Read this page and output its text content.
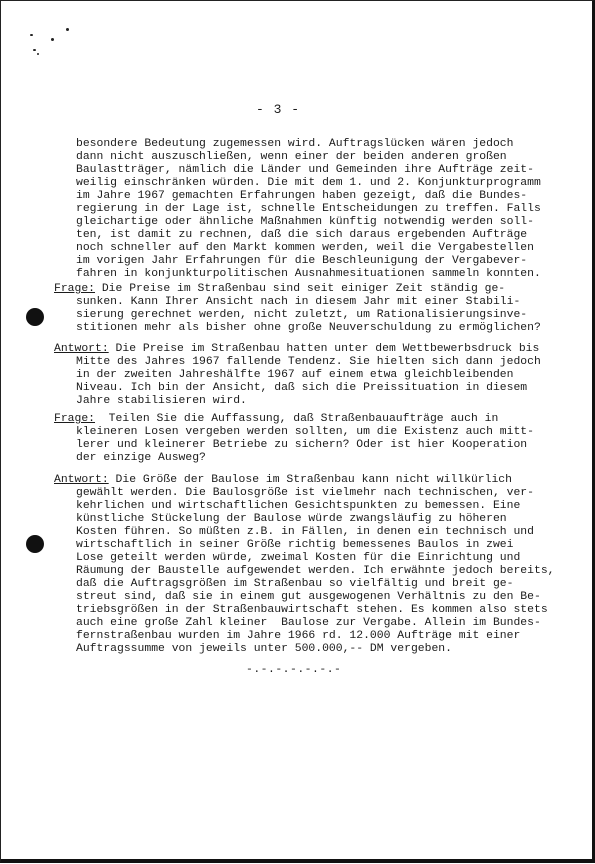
- 3 -
besondere Bedeutung zugemessen wird. Auftragslücken wären jedoch
dann nicht auszuschließen, wenn einer der beiden anderen großen
Baulastträger, nämlich die Länder und Gemeinden ihre Aufträge zeit-
weilig einschränken würden. Die mit dem 1. und 2. Konjunkturprogramm
im Jahre 1967 gemachten Erfahrungen haben gezeigt, daß die Bundes-
regierung in der Lage ist, schnelle Entscheidungen zu treffen. Falls
gleichartige oder ähnliche Maßnahmen künftig notwendig werden soll-
ten, ist damit zu rechnen, daß die sich daraus ergebenden Aufträge
noch schneller auf den Markt kommen werden, weil die Vergabestellen
im vorigen Jahr Erfahrungen für die Beschleunigung der Vergabever-
fahren in konjunkturpolitischen Ausnahmesituationen sammeln konnten.
Frage: Die Preise im Straßenbau sind seit einiger Zeit ständig ge-
sunken. Kann Ihrer Ansicht nach in diesem Jahr mit einer Stabili-
sierung gerechnet werden, nicht zuletzt, um Rationalisierungsinve-
stitionen mehr als bisher ohne große Neuverschuldung zu ermöglichen?
Antwort: Die Preise im Straßenbau hatten unter dem Wettbewerbsdruck bis
Mitte des Jahres 1967 fallende Tendenz. Sie hielten sich dann jedoch
in der zweiten Jahreshälfte 1967 auf einem etwa gleichbleibenden
Niveau. Ich bin der Ansicht, daß sich die Preissituation in diesem
Jahre stabilisieren wird.
Frage:  Teilen Sie die Auffassung, daß Straßenbauaufträge auch in
kleineren Losen vergeben werden sollten, um die Existenz auch mitt-
lerer und kleinerer Betriebe zu sichern? Oder ist hier Kooperation
der einzige Ausweg?
Antwort: Die Größe der Baulose im Straßenbau kann nicht willkürlich
gewählt werden. Die Baulosgröße ist vielmehr nach technischen, ver-
kehrlichen und wirtschaftlichen Gesichtspunkten zu bemessen. Eine
künstliche Stückelung der Baulose würde zwangsläufig zu höheren
Kosten führen. So müßten z.B. in Fällen, in denen ein technisch und
wirtschaftlich in seiner Größe richtig bemessenes Baulos in zwei
Lose geteilt werden würde, zweimal Kosten für die Einrichtung und
Räumung der Baustelle aufgewendet werden. Ich erwähnte jedoch bereits,
daß die Auftragsgrößen im Straßenbau so vielfältig und breit ge-
streut sind, daß sie in einem gut ausgewogenen Verhältnis zu den Be-
triebsgrößen in der Straßenbauwirtschaft stehen. Es kommen also stets
auch eine große Zahl kleiner  Baulose zur Vergabe. Allein im Bundes-
fernstraßenbau wurden im Jahre 1966 rd. 12.000 Aufträge mit einer
Auftragssumme von jeweils unter 500.000,-- DM vergeben.
-.-.-.-.-.-.-
